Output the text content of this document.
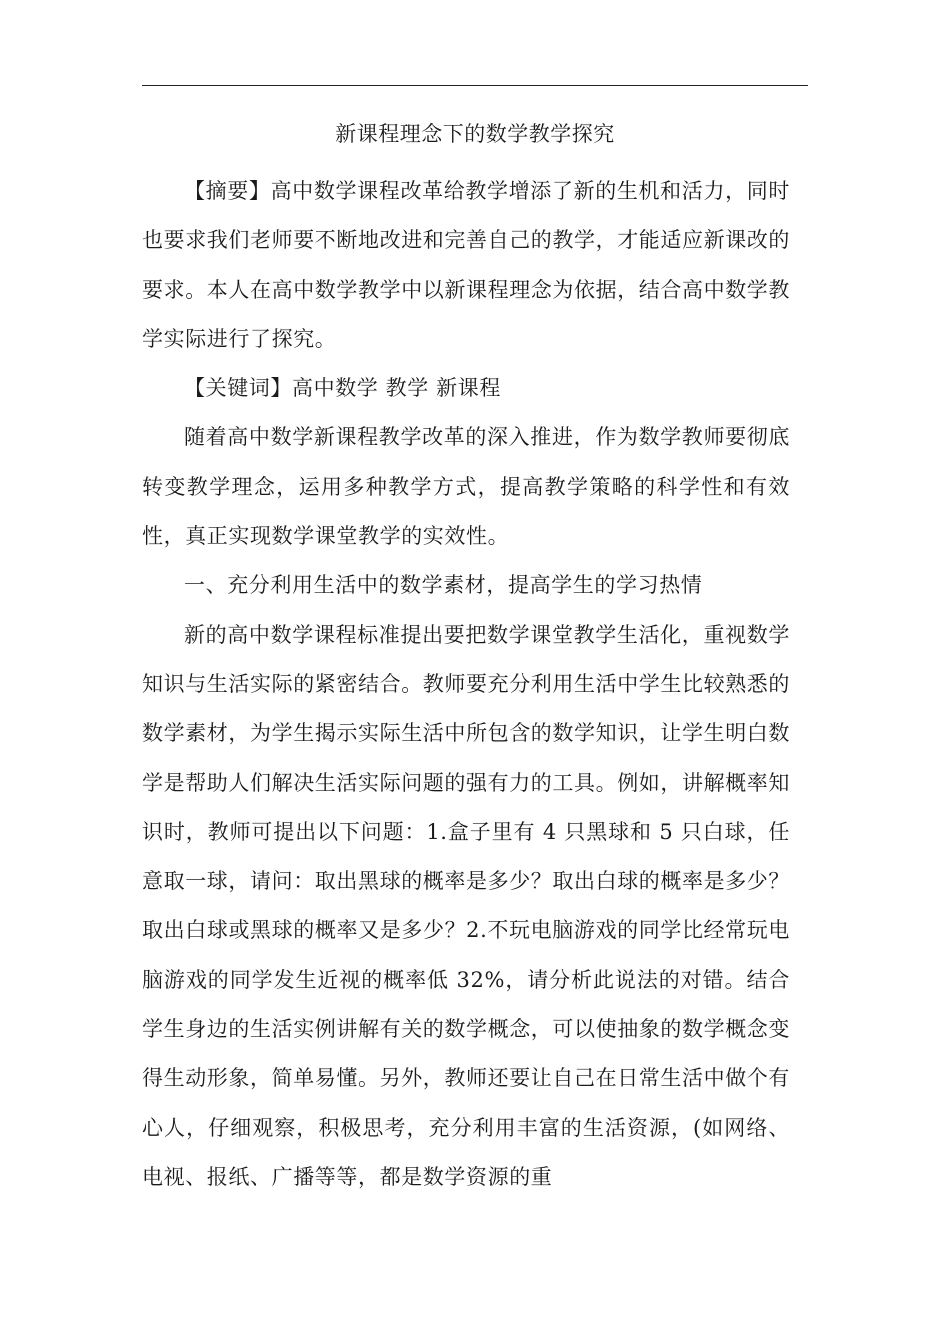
新课程理念下的数学教学探究

【摘要】高中数学课程改革给教学增添了新的生机和活力，同时也要求我们老师要不断地改进和完善自己的教学，才能适应新课改的要求。本人在高中数学教学中以新课程理念为依据，结合高中数学教学实际进行了探究。

【关键词】高中数学 教学 新课程

随着高中数学新课程教学改革的深入推进，作为数学教师要彻底转变教学理念，运用多种教学方式，提高教学策略的科学性和有效性，真正实现数学课堂教学的实效性。

一、充分利用生活中的数学素材，提高学生的学习热情

新的高中数学课程标准提出要把数学课堂教学生活化，重视数学知识与生活实际的紧密结合。教师要充分利用生活中学生比较熟悉的数学素材，为学生揭示实际生活中所包含的数学知识，让学生明白数学是帮助人们解决生活实际问题的强有力的工具。例如，讲解概率知识时，教师可提出以下问题：1.盒子里有 4 只黑球和 5 只白球，任意取一球，请问：取出黑球的概率是多少？取出白球的概率是多少？取出白球或黑球的概率又是多少？2.不玩电脑游戏的同学比经常玩电脑游戏的同学发生近视的概率低 32%，请分析此说法的对错。结合学生身边的生活实例讲解有关的数学概念，可以使抽象的数学概念变得生动形象，简单易懂。另外，教师还要让自己在日常生活中做个有心人，仔细观察，积极思考，充分利用丰富的生活资源，(如网络、电视、报纸、广播等等，都是数学资源的重
